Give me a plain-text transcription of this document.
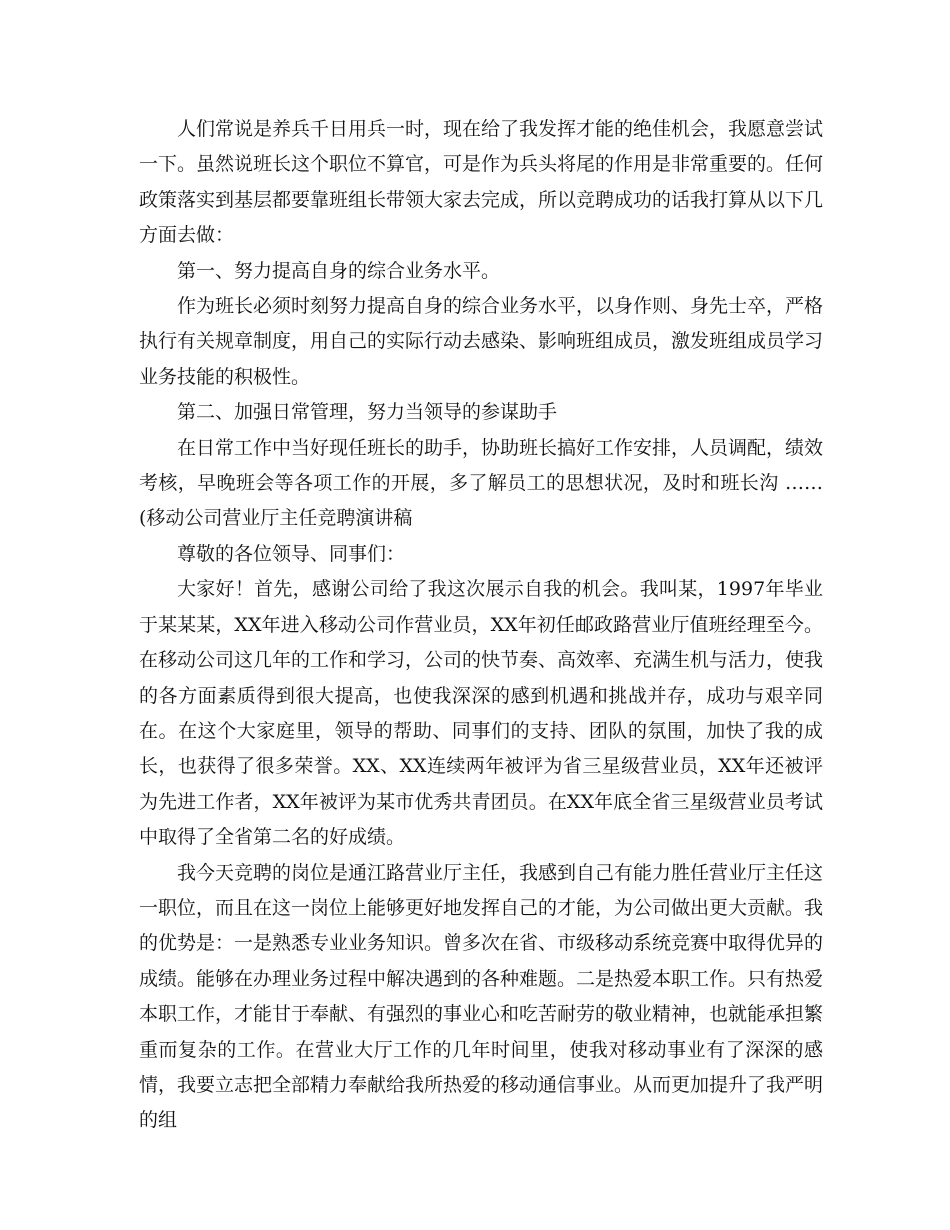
人们常说是养兵千日用兵一时，现在给了我发挥才能的绝佳机会，我愿意尝试一下。虽然说班长这个职位不算官，可是作为兵头将尾的作用是非常重要的。任何政策落实到基层都要靠班组长带领大家去完成，所以竞聘成功的话我打算从以下几方面去做：

第一、努力提高自身的综合业务水平。

作为班长必须时刻努力提高自身的综合业务水平，以身作则、身先士卒，严格执行有关规章制度，用自己的实际行动去感染、影响班组成员，激发班组成员学习业务技能的积极性。

第二、加强日常管理，努力当领导的参谋助手

在日常工作中当好现任班长的助手，协助班长搞好工作安排，人员调配，绩效考核，早晚班会等各项工作的开展，多了解员工的思想状况，及时和班长沟 ……(移动公司营业厅主任竞聘演讲稿

尊敬的各位领导、同事们：

大家好！首先，感谢公司给了我这次展示自我的机会。我叫某，1997年毕业于某某某，XX年进入移动公司作营业员，XX年初任邮政路营业厅值班经理至今。在移动公司这几年的工作和学习，公司的快节奏、高效率、充满生机与活力，使我的各方面素质得到很大提高，也使我深深的感到机遇和挑战并存，成功与艰辛同在。在这个大家庭里，领导的帮助、同事们的支持、团队的氛围，加快了我的成长，也获得了很多荣誉。XX、XX连续两年被评为省三星级营业员，XX年还被评为先进工作者，XX年被评为某市优秀共青团员。在XX年底全省三星级营业员考试中取得了全省第二名的好成绩。

我今天竞聘的岗位是通江路营业厅主任，我感到自己有能力胜任营业厅主任这一职位，而且在这一岗位上能够更好地发挥自己的才能，为公司做出更大贡献。我的优势是：一是熟悉专业业务知识。曾多次在省、市级移动系统竞赛中取得优异的成绩。能够在办理业务过程中解决遇到的各种难题。二是热爱本职工作。只有热爱本职工作，才能甘于奉献、有强烈的事业心和吃苦耐劳的敬业精神，也就能承担繁重而复杂的工作。在营业大厅工作的几年时间里，使我对移动事业有了深深的感情，我要立志把全部精力奉献给我所热爱的移动通信事业。从而更加提升了我严明的组
